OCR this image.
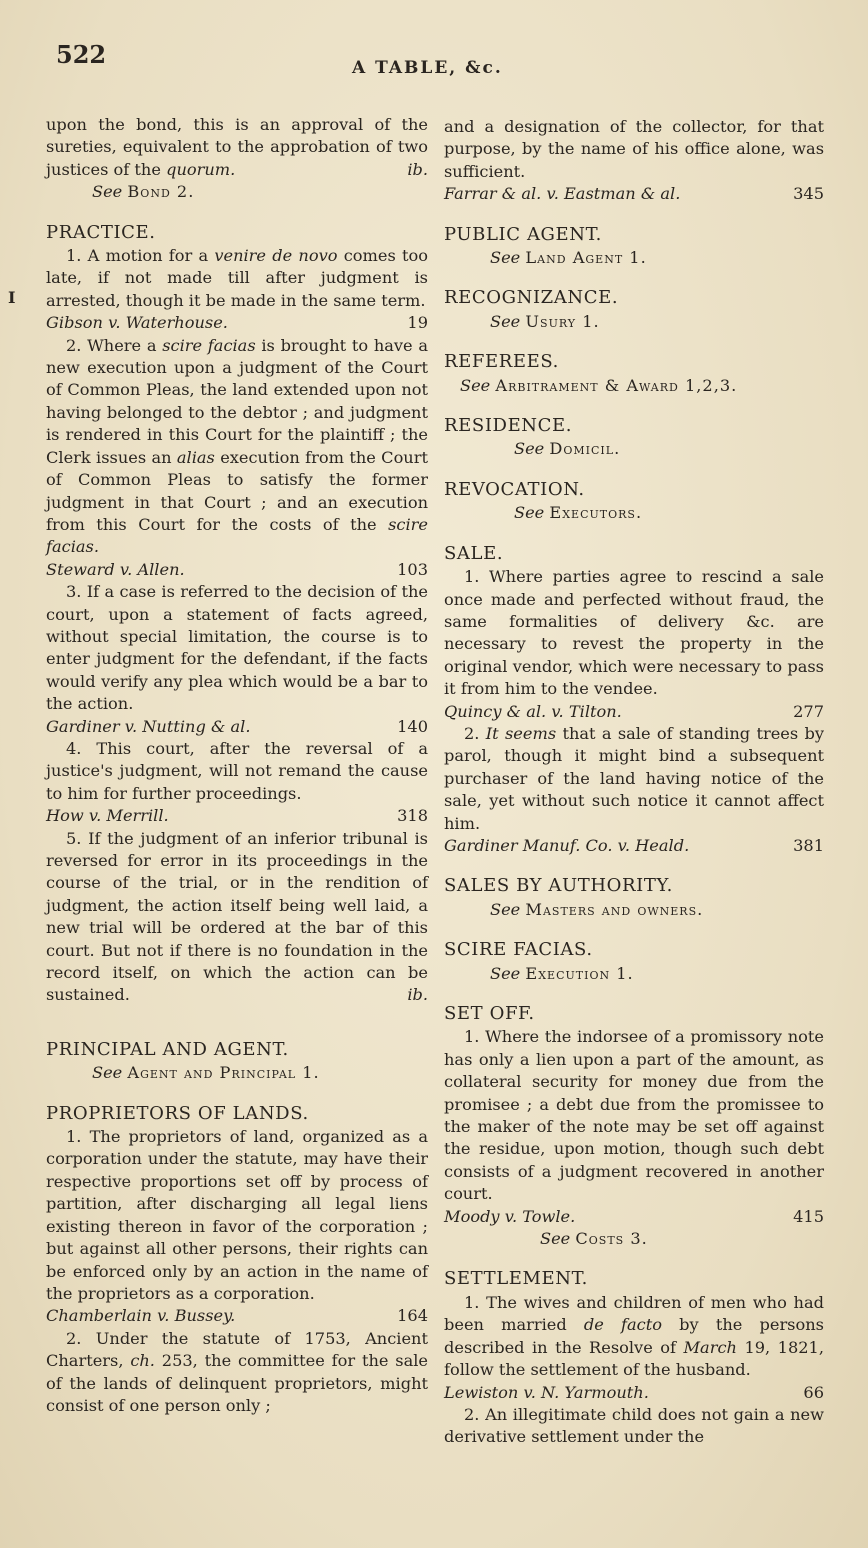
522	A TABLE, &c.
I

upon the bond, this is an approval of the sureties, equivalent to the approbation of two justices of the quorum.	ib.

See Bond 2.

PRACTICE.

1. A motion for a venire de novo comes too late, if not made till after judgment is arrested, though it be made in the same term.

Gibson v. Waterhouse.	19

2. Where a scire facias is brought to have a new execution upon a judgment of the Court of Common Pleas, the land extended upon not having belonged to the debtor ; and judgment is rendered in this Court for the plaintiff ; the Clerk issues an alias execution from the Court of Common Pleas to satisfy the former judgment in that Court ; and an execution from this Court for the costs of the scire facias.

Steward v. Allen.	103

3. If a case is referred to the decision of the court, upon a statement of facts agreed, without special limitation, the course is to enter judgment for the defendant, if the facts would verify any plea which would be a bar to the action.

Gardiner v. Nutting & al.	140

4. This court, after the reversal of a justice's judgment, will not remand the cause to him for further proceedings.

How v. Merrill.	318

5. If the judgment of an inferior tribunal is reversed for error in its proceedings in the course of the trial, or in the rendition of judgment, the action itself being well laid, a new trial will be ordered at the bar of this court. But not if there is no foundation in the record itself, on which the action can be sustained.	ib.

PRINCIPAL AND AGENT.

See Agent and Principal 1.

PROPRIETORS OF LANDS.

1. The proprietors of land, organized as a corporation under the statute, may have their respective proportions set off by process of partition, after discharging all legal liens existing thereon in favor of the corporation ; but against all other persons, their rights can be enforced only by an action in the name of the proprietors as a corporation.

Chamberlain v. Bussey.	164

2. Under the statute of 1753, Ancient Charters, ch. 253, the committee for the sale of the lands of delinquent proprietors, might consist of one person only ;

and a designation of the collector, for that purpose, by the name of his office alone, was sufficient.

Farrar & al. v. Eastman & al.	345

PUBLIC AGENT.

See Land Agent 1.

RECOGNIZANCE.

See Usury 1.

REFEREES.

See Arbitrament & Award 1,2,3.

RESIDENCE.

See Domicil.

REVOCATION.

See Executors.

SALE.

1. Where parties agree to rescind a sale once made and perfected without fraud, the same formalities of delivery &c. are necessary to revest the property in the original vendor, which were necessary to pass it from him to the vendee.

Quincy & al. v. Tilton.	277

2. It seems that a sale of standing trees by parol, though it might bind a subsequent purchaser of the land having notice of the sale, yet without such notice it cannot affect him.

Gardiner Manuf. Co. v. Heald.	381

SALES BY AUTHORITY.

See Masters and owners.

SCIRE FACIAS.

See Execution 1.

SET OFF.

1. Where the indorsee of a promissory note has only a lien upon a part of the amount, as collateral security for money due from the promisee ; a debt due from the promissee to the maker of the note may be set off against the residue, upon motion, though such debt consists of a judgment recovered in another court.

Moody v. Towle.	415

See Costs 3.

SETTLEMENT.

1. The wives and children of men who had been married de facto by the persons described in the Resolve of March 19, 1821, follow the settlement of the husband.

Lewiston v. N. Yarmouth.	66

2. An illegitimate child does not gain a new derivative settlement under the
